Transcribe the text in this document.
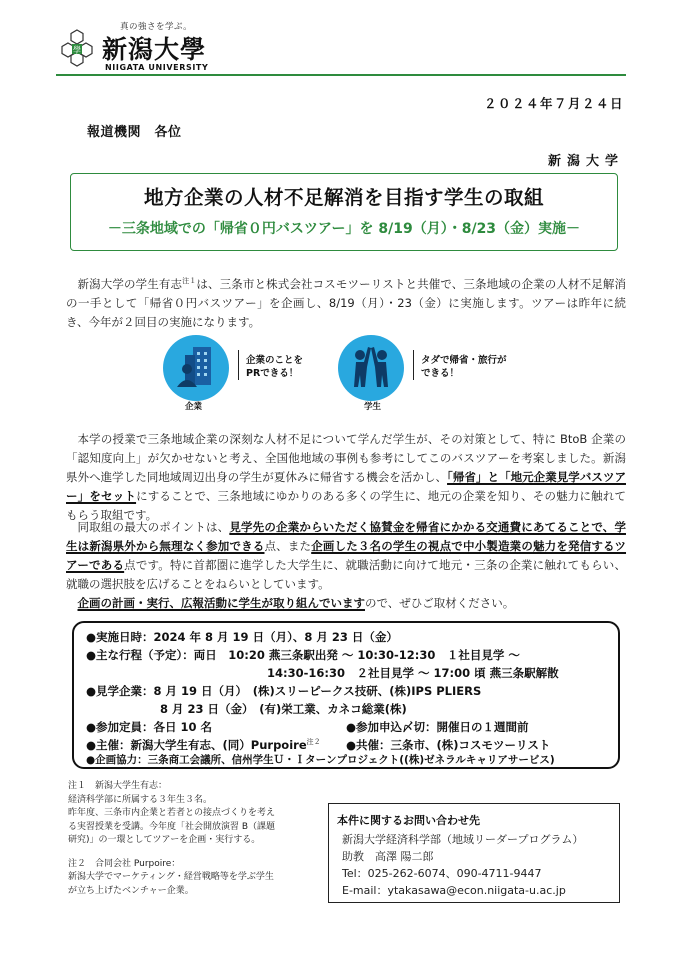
學
真の強さを学ぶ。
新潟大學
NIIGATA UNIVERSITY
２０２４年７月２４日
報道機関　各位
新潟大学
地方企業の人材不足解消を目指す学生の取組
－三条地域での「帰省０円バスツアー」を 8/19（月）・8/23（金）実施－
新潟大学の学生有志$^{注1}$は、三条市と株式会社コスモツーリストと共催で、三条地域の企業の人材不足解消の一手として「帰省０円バスツアー」を企画し、8/19（月）・23（金）に実施します。ツアーは昨年に続き、今年が２回目の実施になります。
企業
企業のことを
PRできる！
学生
タダで帰省・旅行が
できる！
本学の授業で三条地域企業の深刻な人材不足について学んだ学生が、その対策として、特に BtoB 企業の「認知度向上」が欠かせないと考え、全国他地域の事例も参考にしてこのバスツアーを考案しました。新潟県外へ進学した同地域周辺出身の学生が夏休みに帰省する機会を活かし、「帰省」と「地元企業見学バスツアー」をセットにすることで、三条地域にゆかりのある多くの学生に、地元の企業を知り、その魅力に触れてもらう取組です。
同取組の最大のポイントは、見学先の企業からいただく協賛金を帰省にかかる交通費にあてることで、学生は新潟県外から無理なく参加できる点、また企画した３名の学生の視点で中小製造業の魅力を発信するツアーである点です。特に首都圏に進学した大学生に、就職活動に向けて地元・三条の企業に触れてもらい、就職の選択肢を広げることをねらいとしています。
企画の計画・実行、広報活動に学生が取り組んでいますので、ぜひご取材ください。
●実施日時：2024 年 8 月 19 日（月）、8 月 23 日（金）
●主な行程（予定）：両日　10:20 燕三条駅出発 ～ 10:30-12:30　１社目見学 ～
14:30-16:30　２社目見学 ～ 17:00 頃 燕三条駅解散
●見学企業：8 月 19 日（月）　(株)スリーピークス技研、(株)IPS PLIERS
8 月 23 日（金）　(有)栄工業、カネコ総業(株)
●参加定員：各日 10 名	●参加申込〆切：開催日の１週間前
●主催：新潟大学生有志、(同）Purpoire$^{注2}$ ●共催：三条市、(株)コスモツーリスト
●企画協力：三条商工会議所、信州学生Ｕ・Ｉターンプロジェクト((株)ゼネラルキャリアサービス)
注１　新潟大学生有志：
経済科学部に所属する３年生３名。
昨年度、三条市内企業と若者との接点づくりを考え
る実習授業を受講。今年度「社会開放演習 B（課題
研究)」の一環としてツアーを企画・実行する。
注２　合同会社 Purpoire：
新潟大学でマーケティング・経営戦略等を学ぶ学生
が立ち上げたベンチャー企業。
本件に関するお問い合わせ先
新潟大学経済科学部（地域リーダープログラム）
助教　高澤 陽二郎
Tel：025-262-6074、090-4711-9447
E-mail：ytakasawa@econ.niigata-u.ac.jp
